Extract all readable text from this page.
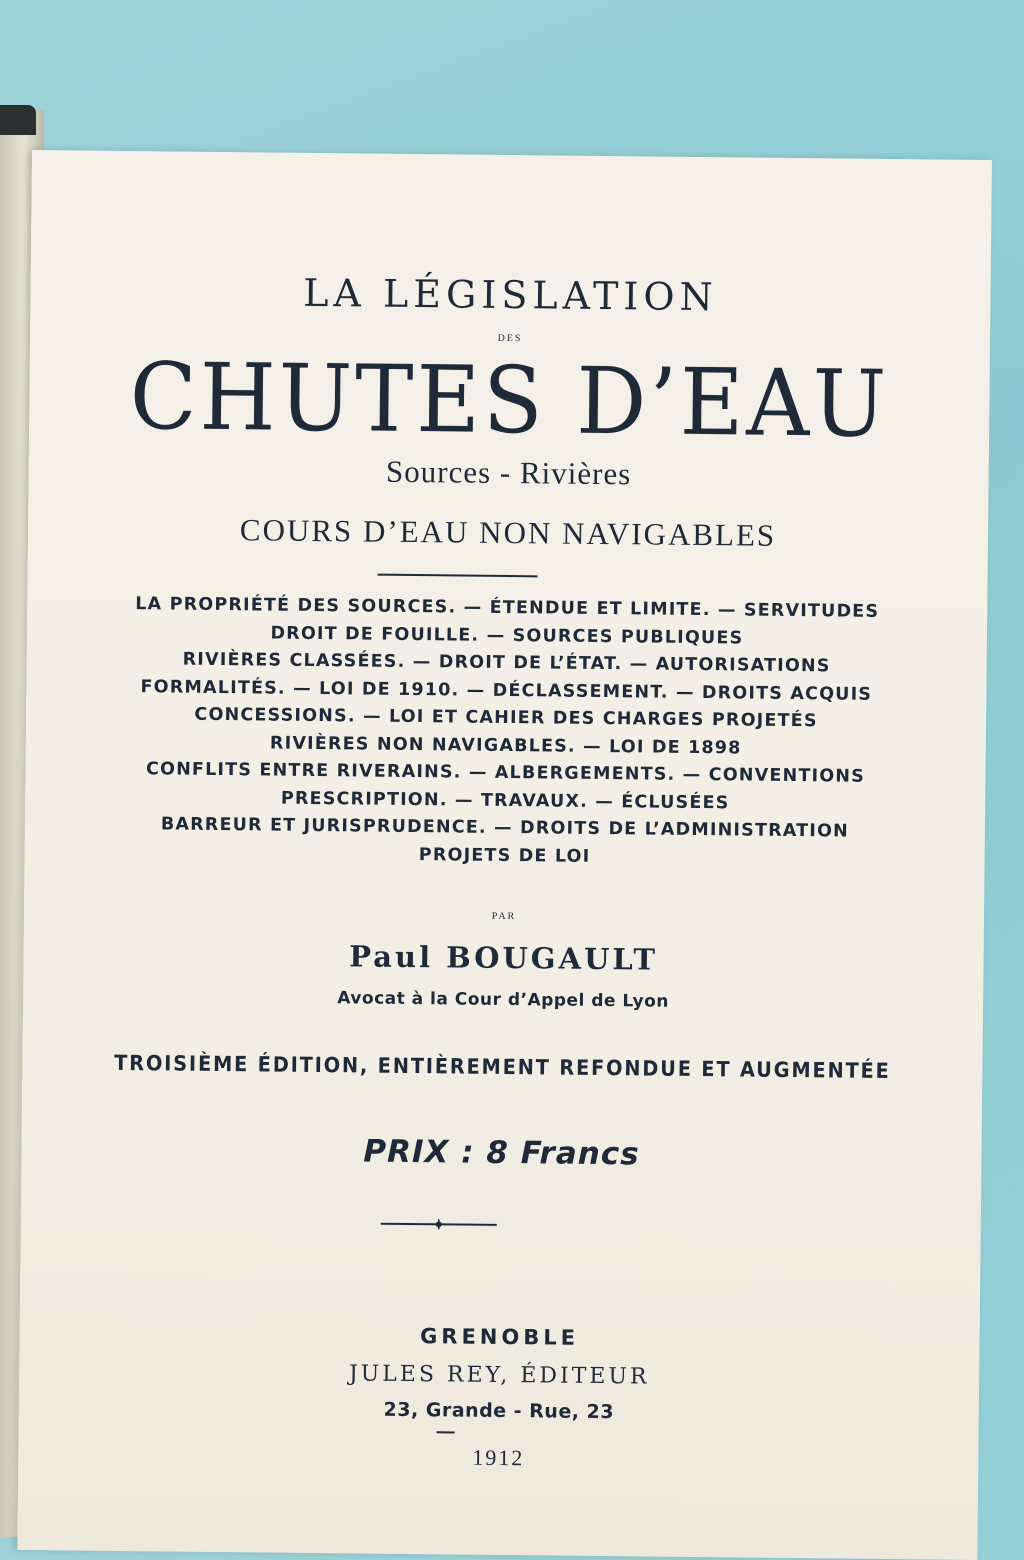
LA LÉGISLATION
DES
CHUTES D’EAU
Sources - Rivières
COURS D’EAU NON NAVIGABLES
LA PROPRIÉTÉ DES SOURCES. — ÉTENDUE ET LIMITE. — SERVITUDES
DROIT DE FOUILLE. — SOURCES PUBLIQUES
RIVIÈRES CLASSÉES. — DROIT DE L’ÉTAT. — AUTORISATIONS
FORMALITÉS. — LOI DE 1910. — DÉCLASSEMENT. — DROITS ACQUIS
CONCESSIONS. — LOI ET CAHIER DES CHARGES PROJETÉS
RIVIÈRES NON NAVIGABLES. — LOI DE 1898
CONFLITS ENTRE RIVERAINS. — ALBERGEMENTS. — CONVENTIONS
PRESCRIPTION. — TRAVAUX. — ÉCLUSÉES
BARREUR ET JURISPRUDENCE. — DROITS DE L’ADMINISTRATION
PROJETS DE LOI
PAR
Paul BOUGAULT
Avocat à la Cour d’Appel de Lyon
TROISIÈME ÉDITION, ENTIÈREMENT REFONDUE ET AUGMENTÉE
PRIX : 8 Francs
GRENOBLE
JULES REY, ÉDITEUR
23, Grande - Rue, 23
1912
